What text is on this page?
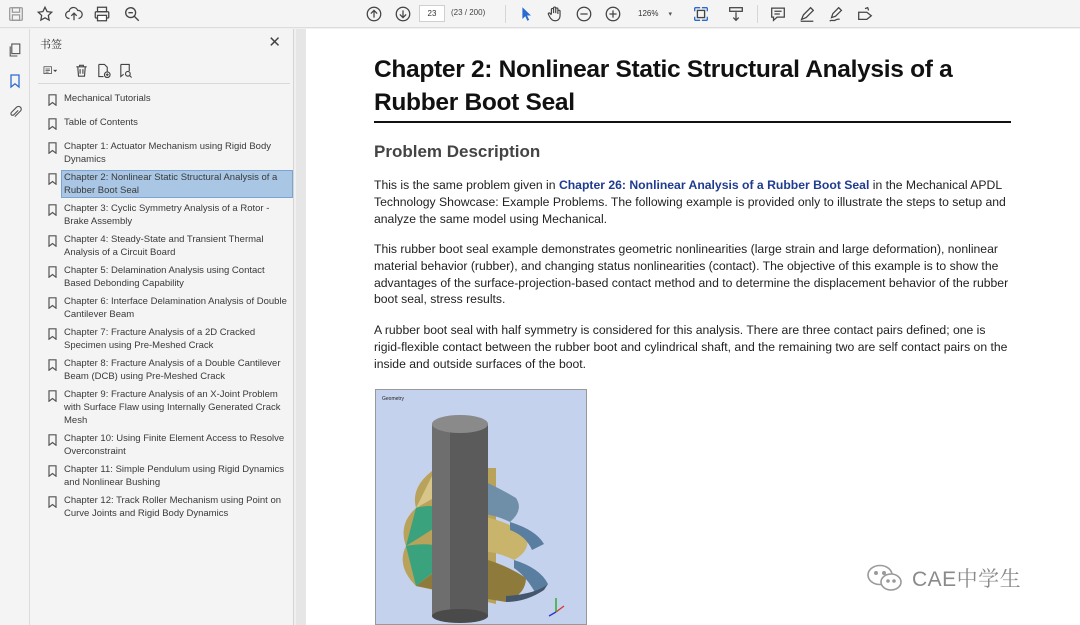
23	(23 / 200)	126% ▾
书签	✕
Mechanical Tutorials
Table of Contents
Chapter 1: Actuator Mechanism using Rigid Body Dynamics
Chapter 2: Nonlinear Static Structural Analysis of a Rubber Boot Seal
Chapter 3: Cyclic Symmetry Analysis of a Rotor - Brake Assembly
Chapter 4: Steady-State and Transient Thermal Analysis of a Circuit Board
Chapter 5: Delamination Analysis using Contact Based Debonding Capability
Chapter 6: Interface Delamination Analysis of Double Cantilever Beam
Chapter 7: Fracture Analysis of a 2D Cracked Specimen using Pre-Meshed Crack
Chapter 8: Fracture Analysis of a Double Cantilever Beam (DCB) using Pre-Meshed Crack
Chapter 9: Fracture Analysis of an X-Joint Problem with Surface Flaw using Internally Generated Crack Mesh
Chapter 10: Using Finite Element Access to Resolve Overconstraint
Chapter 11: Simple Pendulum using Rigid Dynamics and Nonlinear Bushing
Chapter 12: Track Roller Mechanism using Point on Curve Joints and Rigid Body Dynamics
Chapter 2: Nonlinear Static Structural Analysis of a Rubber Boot Seal
Problem Description
This is the same problem given in Chapter 26: Nonlinear Analysis of a Rubber Boot Seal in the Mechanical APDL Technology Showcase: Example Problems. The following example is provided only to illustrate the steps to setup and analyze the same model using Mechanical.
This rubber boot seal example demonstrates geometric nonlinearities (large strain and large deformation), nonlinear material behavior (rubber), and changing status nonlinearities (contact). The objective of this example is to show the advantages of the surface-projection-based contact method and to determine the displacement behavior of the rubber boot seal, stress results.
A rubber boot seal with half symmetry is considered for this analysis. There are three contact pairs defined; one is rigid-flexible contact between the rubber boot and cylindrical shaft, and the remaining two are self contact pairs on the inside and outside surfaces of the boot.
Geometry
CAE中学生
